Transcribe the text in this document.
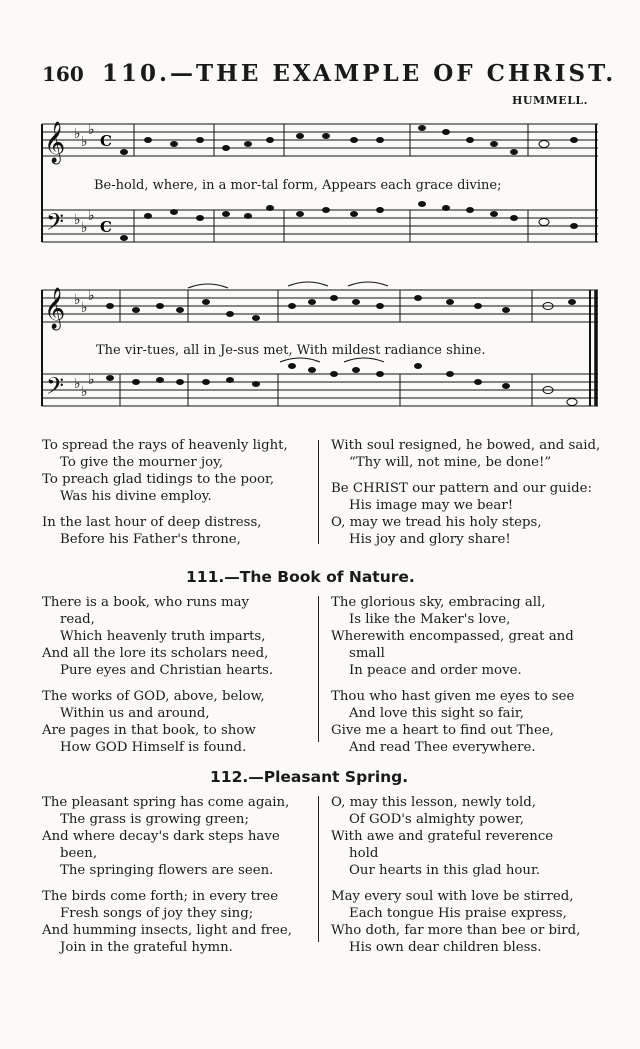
160 110.—THE EXAMPLE OF CHRIST.
HUMMELL.
𝄞
𝄢
♭ ♭
♭
♭ ♭
♭
C
C
Be-hold, where, in a mor-tal form, Appears each grace divine;
𝄞
𝄢
♭ ♭
♭
♭ ♭
♭
The vir-tues, all in Je-sus met, With mildest radiance shine.
To spread the rays of heavenly light,
To give the mourner joy,
To preach glad tidings to the poor,
Was his divine employ.
In the last hour of deep distress,
Before his Father's throne,
With soul resigned, he bowed, and said,
“Thy will, not mine, be done!”
Be CHRIST our pattern and our guide:
His image may we bear!
O, may we tread his holy steps,
His joy and glory share!
111.—The Book of Nature.
There is a book, who runs may
read,
Which heavenly truth imparts,
And all the lore its scholars need,
Pure eyes and Christian hearts.
The works of GOD, above, below,
Within us and around,
Are pages in that book, to show
How GOD Himself is found.
The glorious sky, embracing all,
Is like the Maker's love,
Wherewith encompassed, great and
small
In peace and order move.
Thou who hast given me eyes to see
And love this sight so fair,
Give me a heart to find out Thee,
And read Thee everywhere.
112.—Pleasant Spring.
The pleasant spring has come again,
The grass is growing green;
And where decay's dark steps have
been,
The springing flowers are seen.
The birds come forth; in every tree
Fresh songs of joy they sing;
And humming insects, light and free,
Join in the grateful hymn.
O, may this lesson, newly told,
Of GOD's almighty power,
With awe and grateful reverence
hold
Our hearts in this glad hour.
May every soul with love be stirred,
Each tongue His praise express,
Who doth, far more than bee or bird,
His own dear children bless.
